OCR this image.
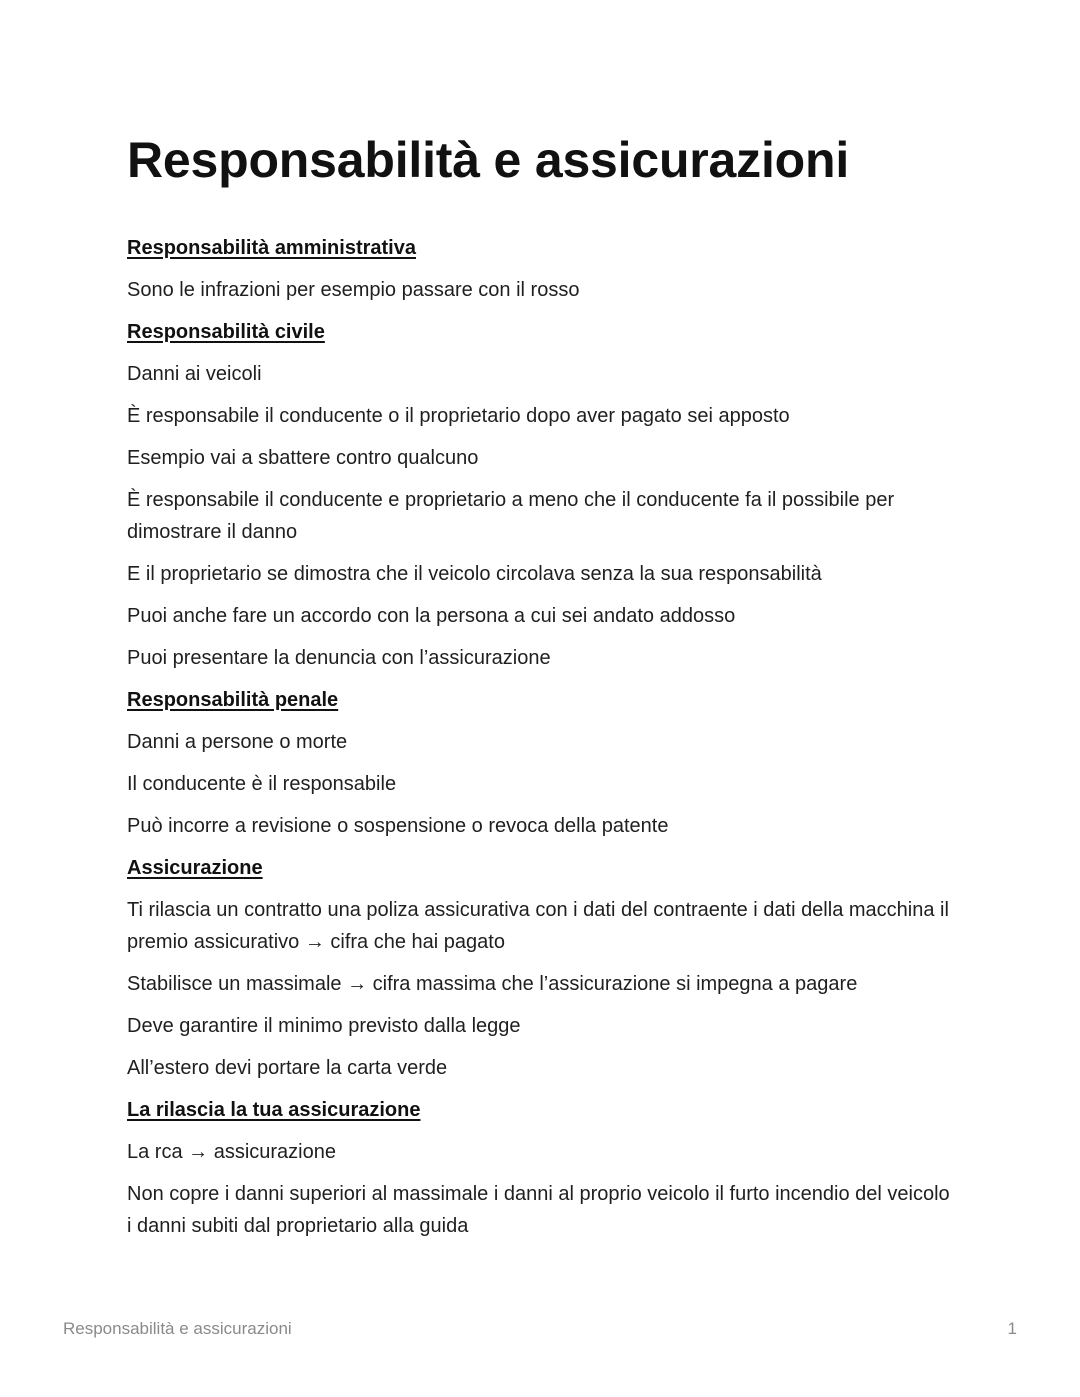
Responsabilità e assicurazioni
Responsabilità amministrativa
Sono le infrazioni per esempio passare con il rosso
Responsabilità civile
Danni ai veicoli
È responsabile il conducente o il proprietario dopo aver pagato sei apposto
Esempio vai a sbattere contro qualcuno
È responsabile il conducente e proprietario a meno che il conducente fa il possibile per dimostrare il danno
E il proprietario se dimostra che il veicolo circolava senza la sua responsabilità
Puoi anche fare un accordo con la persona a cui sei andato addosso
Puoi presentare la denuncia con l’assicurazione
Responsabilità penale
Danni a persone o morte
Il conducente è il responsabile
Può incorre a revisione o sospensione o revoca della patente
Assicurazione
Ti rilascia un contratto una poliza assicurativa con i dati del contraente i dati della macchina il premio assicurativo → cifra che hai pagato
Stabilisce un massimale → cifra massima che l’assicurazione si impegna a pagare
Deve garantire il minimo previsto dalla legge
All’estero devi portare la carta verde
La rilascia la tua assicurazione
La rca → assicurazione
Non copre i danni superiori al massimale i danni al proprio veicolo il furto incendio del veicolo i danni subiti dal proprietario alla guida
Responsabilità e assicurazioni	1
